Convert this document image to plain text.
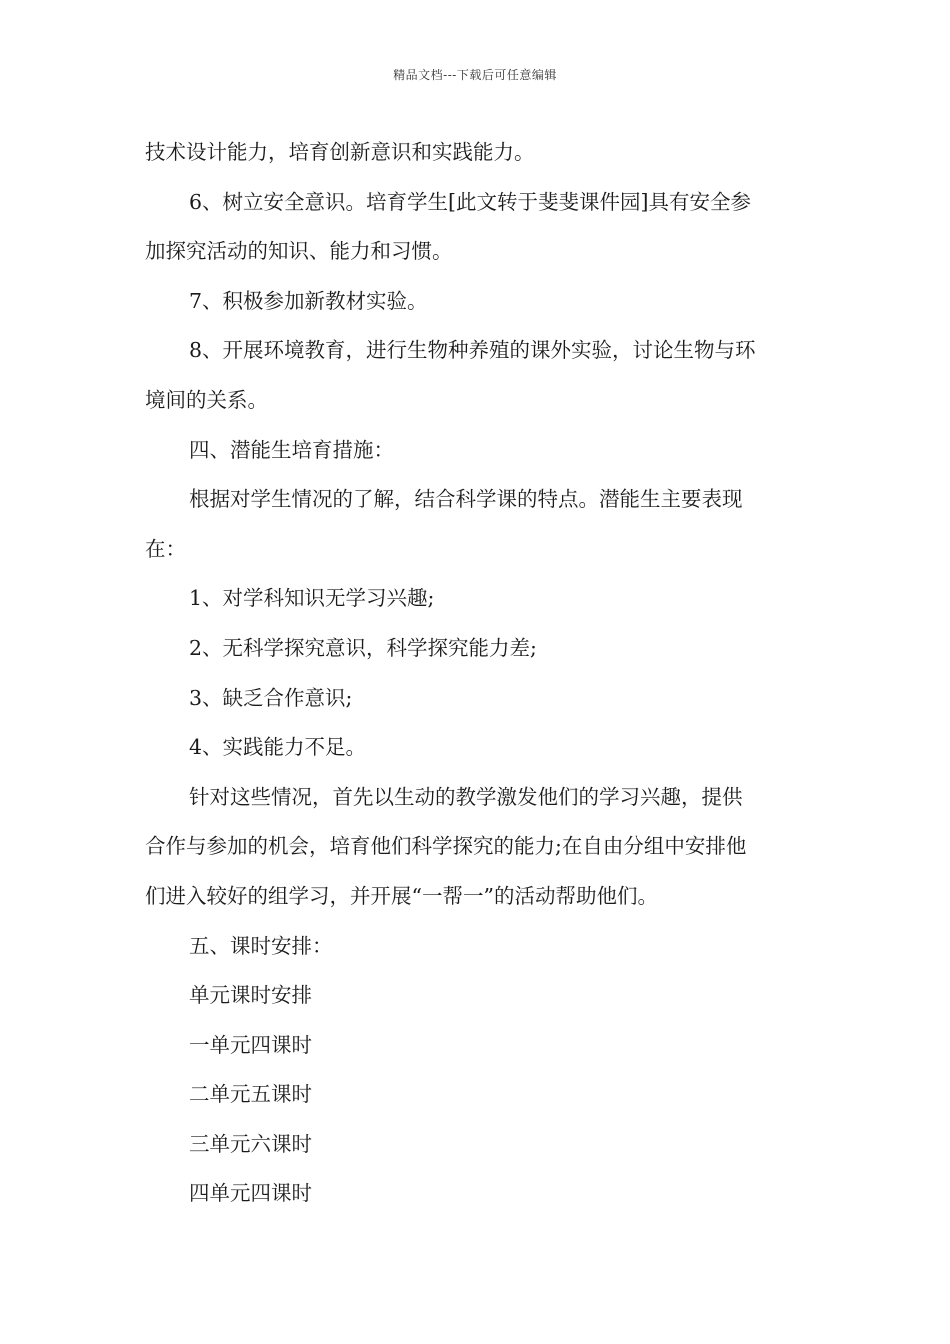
精品文档---下载后可任意编辑
技术设计能力，培育创新意识和实践能力。
6、树立安全意识。培育学生[此文转于斐斐课件园]具有安全参
加探究活动的知识、能力和习惯。
7、积极参加新教材实验。
8、开展环境教育，进行生物种养殖的课外实验，讨论生物与环
境间的关系。
四、潜能生培育措施：
根据对学生情况的了解，结合科学课的特点。潜能生主要表现
在：
1、对学科知识无学习兴趣;
2、无科学探究意识，科学探究能力差;
3、缺乏合作意识;
4、实践能力不足。
针对这些情况，首先以生动的教学激发他们的学习兴趣，提供
合作与参加的机会，培育他们科学探究的能力;在自由分组中安排他
们进入较好的组学习，并开展“一帮一”的活动帮助他们。
五、课时安排：
单元课时安排
一单元四课时
二单元五课时
三单元六课时
四单元四课时
